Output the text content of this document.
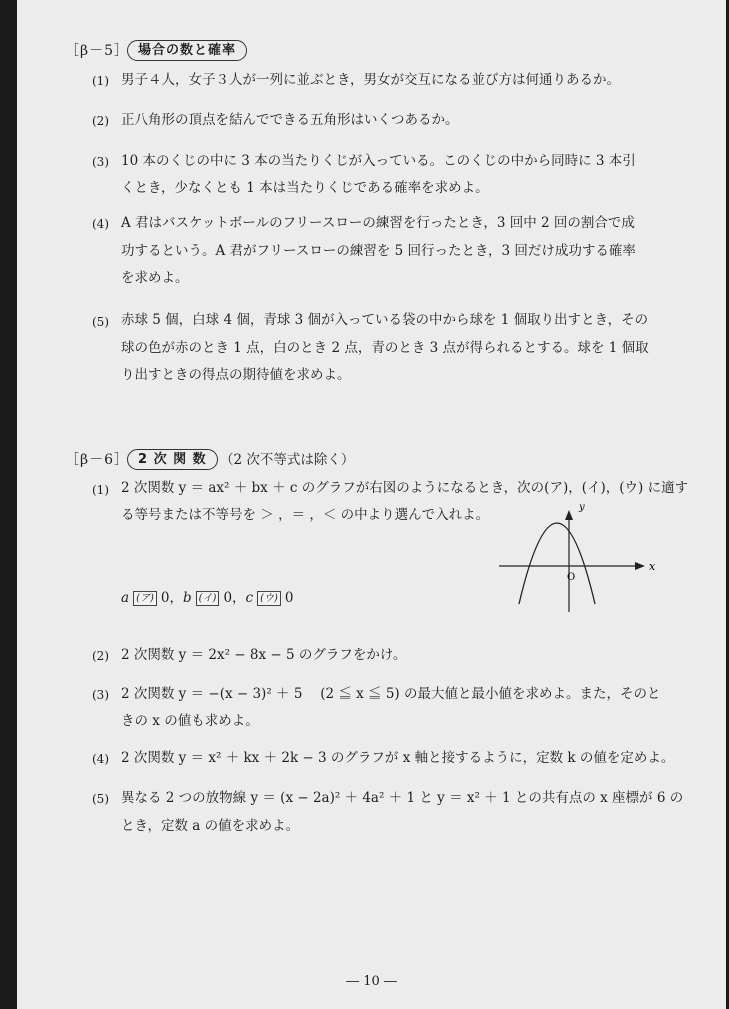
［β－5］ 場合の数と確率
(1) 男子４人，女子３人が一列に並ぶとき，男女が交互になる並び方は何通りあるか。
(2) 正八角形の頂点を結んでできる五角形はいくつあるか。
(3) 10 本のくじの中に 3 本の当たりくじが入っている。このくじの中から同時に 3 本引
くとき，少なくとも 1 本は当たりくじである確率を求めよ。
(4) A 君はバスケットボールのフリースローの練習を行ったとき，3 回中 2 回の割合で成
功するという。A 君がフリースローの練習を 5 回行ったとき，3 回だけ成功する確率
を求めよ。
(5) 赤球 5 個，白球 4 個，青球 3 個が入っている袋の中から球を 1 個取り出すとき，その
球の色が赤のとき 1 点，白のとき 2 点，青のとき 3 点が得られるとする。球を 1 個取
り出すときの得点の期待値を求めよ。
［β－6］ 2 次 関 数 （2 次不等式は除く）
(1) 2 次関数 y ＝ ax² ＋ bx ＋ c のグラフが右図のようになるとき，次の(ア)，(イ)，(ウ) に適す
る等号または不等号を ＞ ，＝ ，＜ の中より選んで入れよ。
a (ア) 0，b (イ) 0，c (ウ) 0
x
y
O
(2) 2 次関数 y ＝ 2x² − 8x − 5 のグラフをかけ。
(3) 2 次関数 y ＝ −(x − 3)² ＋ 5 　(2 ≦ x ≦ 5) の最大値と最小値を求めよ。また，そのと
きの x の値も求めよ。
(4) 2 次関数 y ＝ x² ＋ kx ＋ 2k − 3 のグラフが x 軸と接するように，定数 k の値を定めよ。
(5) 異なる 2 つの放物線 y ＝ (x − 2a)² ＋ 4a² ＋ 1 と y ＝ x² ＋ 1 との共有点の x 座標が 6 の
とき，定数 a の値を求めよ。
― 10 ―
